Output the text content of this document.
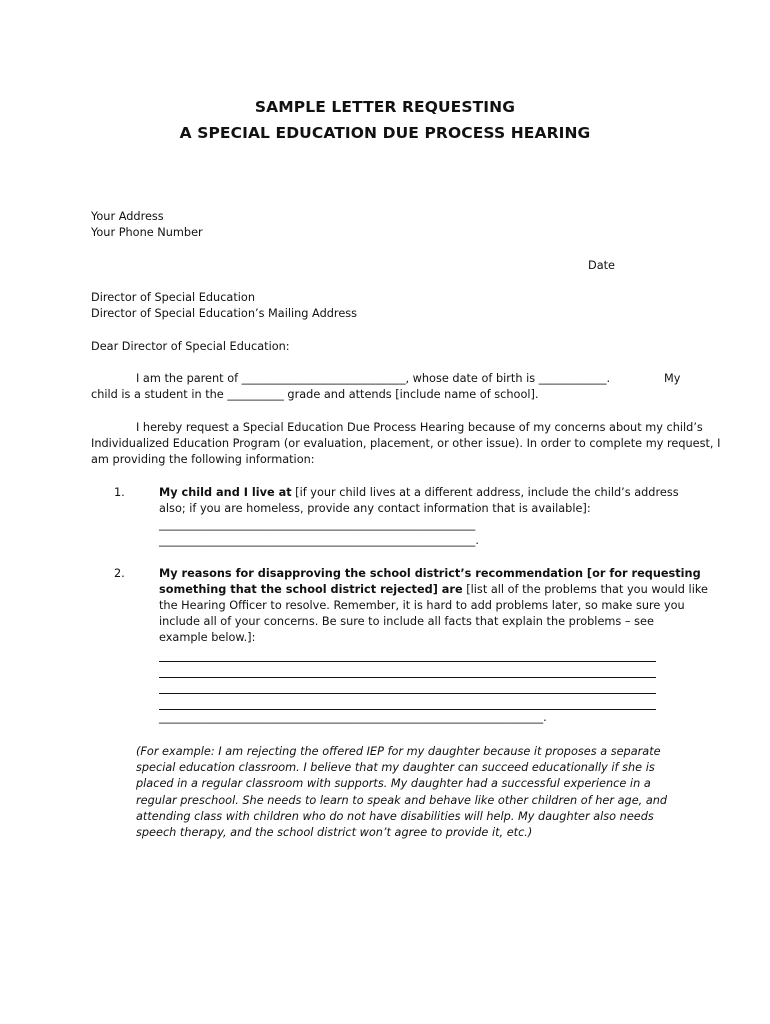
SAMPLE LETTER REQUESTING
A SPECIAL EDUCATION DUE PROCESS HEARING
Your Address
Your Phone Number
Date
Director of Special Education
Director of Special Education’s Mailing Address
Dear Director of Special Education:
I am the parent of _____________________________, whose date of birth is ____________.	My
child is a student in the __________ grade and attends [include name of school].
I hereby request a Special Education Due Process Hearing because of my concerns about my child’s
Individualized Education Program (or evaluation, placement, or other issue). In order to complete my request, I
am providing the following information:
1.	My child and I live at [if your child lives at a different address, include the child’s address
also; if you are homeless, provide any contact information that is available]:
________________________________________________________
________________________________________________________.
2.	My reasons for disapproving the school district’s recommendation [or for requesting
something that the school district rejected] are [list all of the problems that you would like
the Hearing Officer to resolve. Remember, it is hard to add problems later, so make sure you
include all of your concerns. Be sure to include all facts that explain the problems – see
example below.]:
____________________________________________________________________.
(For example: I am rejecting the offered IEP for my daughter because it proposes a separate
special education classroom. I believe that my daughter can succeed educationally if she is
placed in a regular classroom with supports. My daughter had a successful experience in a
regular preschool. She needs to learn to speak and behave like other children of her age, and
attending class with children who do not have disabilities will help. My daughter also needs
speech therapy, and the school district won’t agree to provide it, etc.)
